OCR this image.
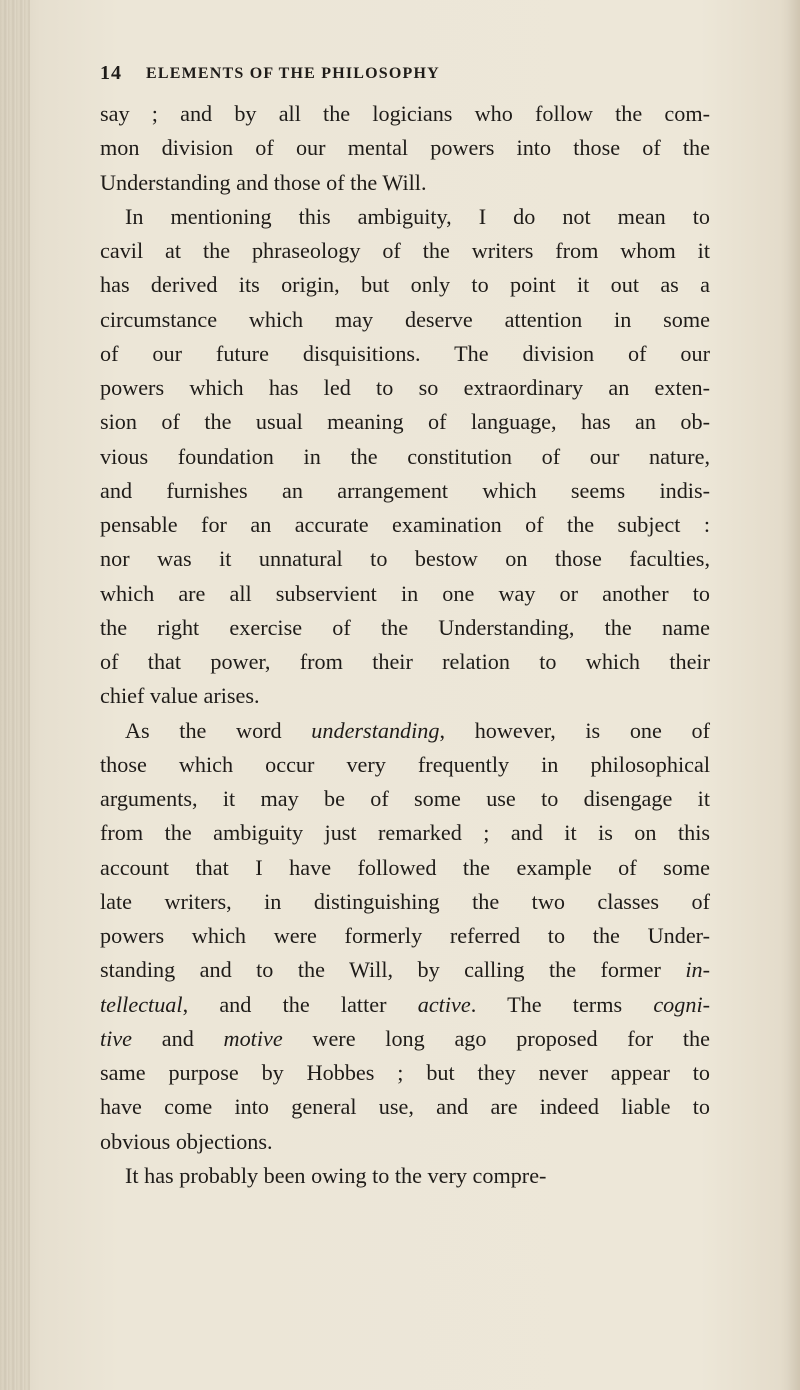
14 ELEMENTS OF THE PHILOSOPHY
say ; and by all the logicians who follow the com-
mon division of our mental powers into those of the
Understanding and those of the Will.
In mentioning this ambiguity, I do not mean to
cavil at the phraseology of the writers from whom it
has derived its origin, but only to point it out as a
circumstance which may deserve attention in some
of our future disquisitions. The division of our
powers which has led to so extraordinary an exten-
sion of the usual meaning of language, has an ob-
vious foundation in the constitution of our nature,
and furnishes an arrangement which seems indis-
pensable for an accurate examination of the subject :
nor was it unnatural to bestow on those faculties,
which are all subservient in one way or another to
the right exercise of the Understanding, the name
of that power, from their relation to which their
chief value arises.
As the word understanding, however, is one of
those which occur very frequently in philosophical
arguments, it may be of some use to disengage it
from the ambiguity just remarked ; and it is on this
account that I have followed the example of some
late writers, in distinguishing the two classes of
powers which were formerly referred to the Under-
standing and to the Will, by calling the former in-
tellectual, and the latter active. The terms cogni-
tive and motive were long ago proposed for the
same purpose by Hobbes ; but they never appear to
have come into general use, and are indeed liable to
obvious objections.
It has probably been owing to the very compre-
